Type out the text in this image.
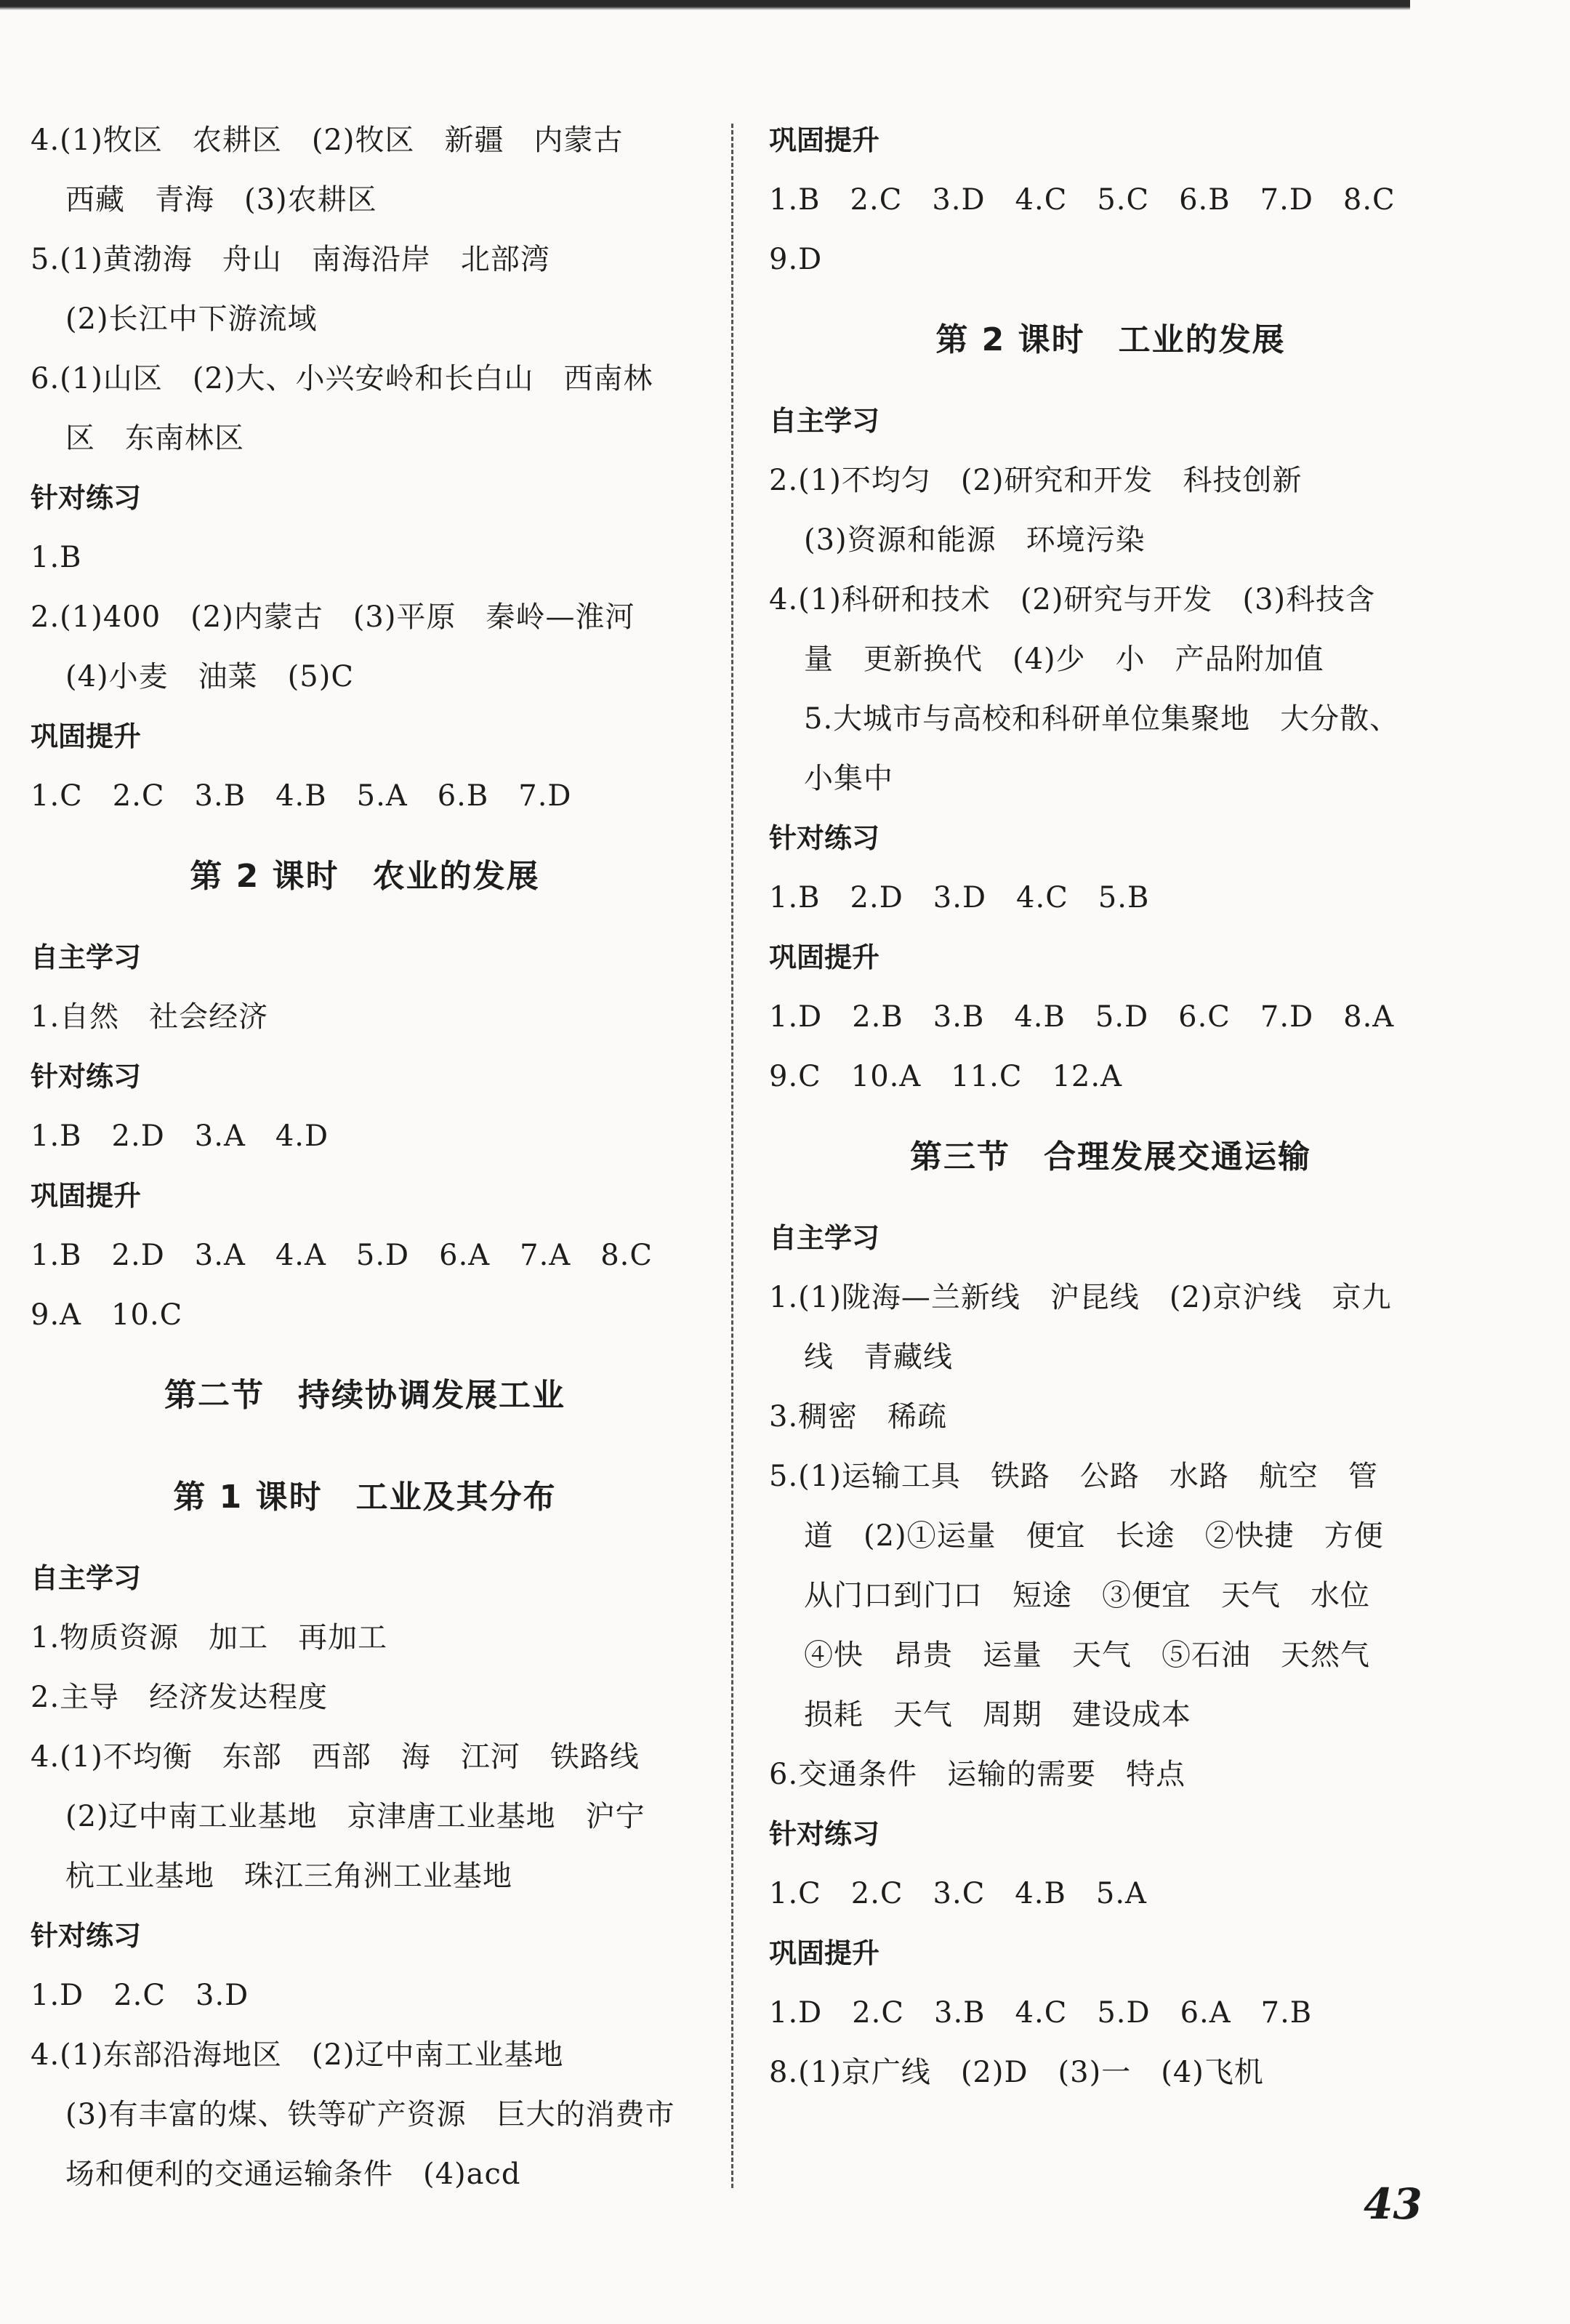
4.(1)牧区　农耕区　(2)牧区　新疆　内蒙古
西藏　青海　(3)农耕区
5.(1)黄渤海　舟山　南海沿岸　北部湾
(2)长江中下游流域
6.(1)山区　(2)大、小兴安岭和长白山　西南林
区　东南林区
针对练习
1.B
2.(1)400　(2)内蒙古　(3)平原　秦岭—淮河
(4)小麦　油菜　(5)C
巩固提升
1.C　2.C　3.B　4.B　5.A　6.B　7.D
第 2 课时　农业的发展
自主学习
1.自然　社会经济
针对练习
1.B　2.D　3.A　4.D
巩固提升
1.B　2.D　3.A　4.A　5.D　6.A　7.A　8.C
9.A　10.C
第二节　持续协调发展工业
第 1 课时　工业及其分布
自主学习
1.物质资源　加工　再加工
2.主导　经济发达程度
4.(1)不均衡　东部　西部　海　江河　铁路线
(2)辽中南工业基地　京津唐工业基地　沪宁
杭工业基地　珠江三角洲工业基地
针对练习
1.D　2.C　3.D
4.(1)东部沿海地区　(2)辽中南工业基地
(3)有丰富的煤、铁等矿产资源　巨大的消费市
场和便利的交通运输条件　(4)acd
巩固提升
1.B　2.C　3.D　4.C　5.C　6.B　7.D　8.C
9.D
第 2 课时　工业的发展
自主学习
2.(1)不均匀　(2)研究和开发　科技创新
(3)资源和能源　环境污染
4.(1)科研和技术　(2)研究与开发　(3)科技含
量　更新换代　(4)少　小　产品附加值
5.大城市与高校和科研单位集聚地　大分散、
小集中
针对练习
1.B　2.D　3.D　4.C　5.B
巩固提升
1.D　2.B　3.B　4.B　5.D　6.C　7.D　8.A
9.C　10.A　11.C　12.A
第三节　合理发展交通运输
自主学习
1.(1)陇海—兰新线　沪昆线　(2)京沪线　京九
线　青藏线
3.稠密　稀疏
5.(1)运输工具　铁路　公路　水路　航空　管
道　(2)①运量　便宜　长途　②快捷　方便
从门口到门口　短途　③便宜　天气　水位
④快　昂贵　运量　天气　⑤石油　天然气
损耗　天气　周期　建设成本
6.交通条件　运输的需要　特点
针对练习
1.C　2.C　3.C　4.B　5.A
巩固提升
1.D　2.C　3.B　4.C　5.D　6.A　7.B
8.(1)京广线　(2)D　(3)一　(4)飞机
43
